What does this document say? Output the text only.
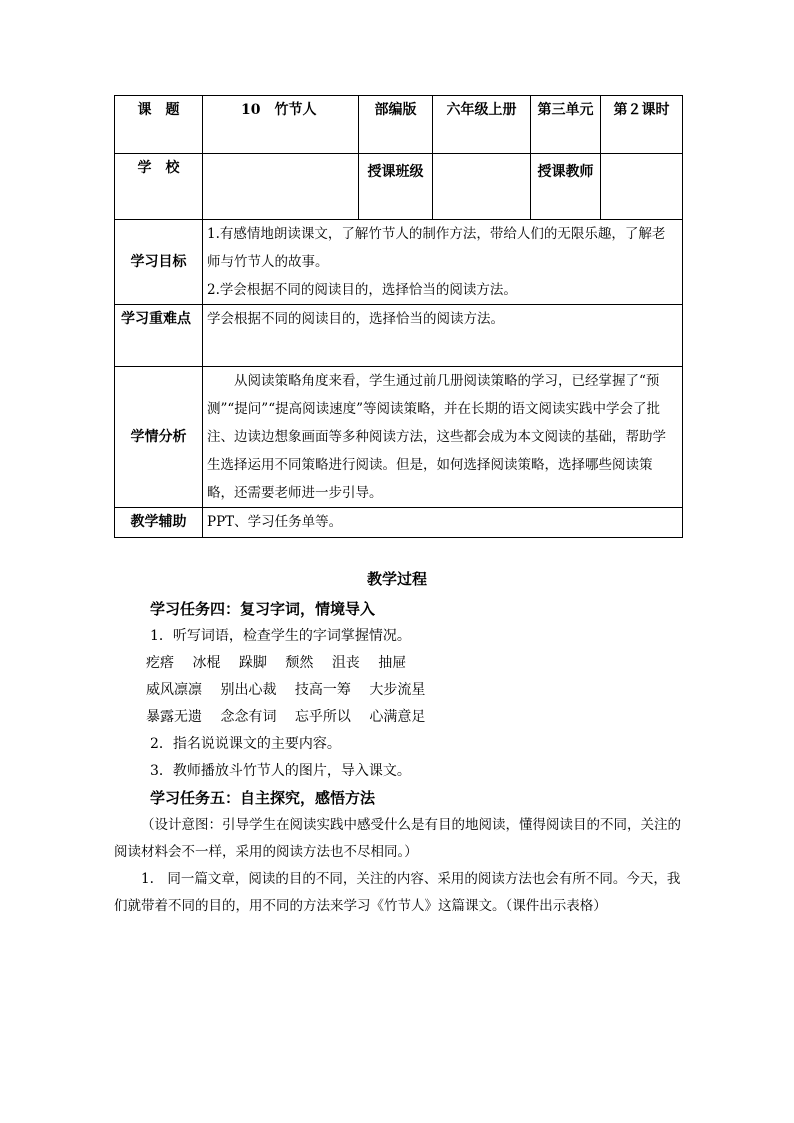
课　题	10　竹节人	部编版	六年级上册	第三单元	第２课时
学　校		授课班级		授课教师	
学习目标	1.有感情地朗读课文，了解竹节人的制作方法，带给人们的无限乐趣，了解老师与竹节人的故事。
2.学会根据不同的阅读目的，选择恰当的阅读方法。				

学习重难点	学会根据不同的阅读目的，选择恰当的阅读方法。				
学情分析	从阅读策略角度来看，学生通过前几册阅读策略的学习，已经掌握了“预测”“提问”“提高阅读速度”等阅读策略，并在长期的语文阅读实践中学会了批注、边读边想象画面等多种阅读方法，这些都会成为本文阅读的基础，帮助学生选择运用不同策略进行阅读。但是，如何选择阅读策略，选择哪些阅读策略，还需要老师进一步引导。				
教学辅助	PPT、学习任务单等。				
教学过程

学习任务四：复习字词，情境导入

1．听写词语，检查学生的字词掌握情况。

疙瘩 冰棍 跺脚 颓然 沮丧 抽屉

威风凛凛 别出心裁 技高一筹 大步流星

暴露无遗 念念有词 忘乎所以 心满意足

2．指名说说课文的主要内容。

3．教师播放斗竹节人的图片，导入课文。

学习任务五：自主探究，感悟方法

（设计意图：引导学生在阅读实践中感受什么是有目的地阅读，懂得阅读目的不同，关注的阅读材料会不一样，采用的阅读方法也不尽相同。）

1.　同一篇文章，阅读的目的不同，关注的内容、采用的阅读方法也会有所不同。今天，我们就带着不同的目的，用不同的方法来学习《竹节人》这篇课文。（课件出示表格）
